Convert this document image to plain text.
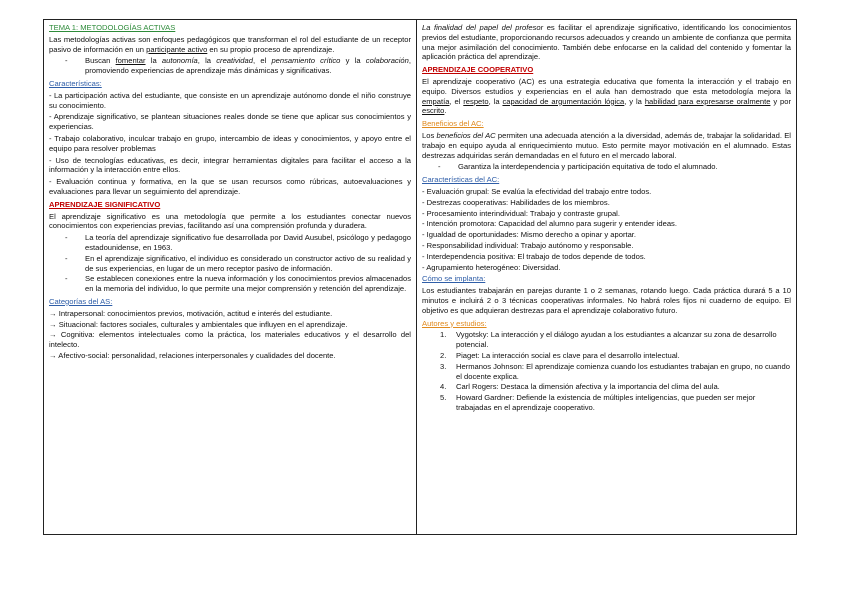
TEMA 1: METODOLOGÍAS ACTIVAS

Las metodologías activas son enfoques pedagógicos que transforman el rol del estudiante de un receptor pasivo de información en un participante activo en su propio proceso de aprendizaje.

- Buscan fomentar la autonomía, la creatividad, el pensamiento crítico y la colaboración, promoviendo experiencias de aprendizaje más dinámicas y significativas.

Características:

- La participación activa del estudiante, que consiste en un aprendizaje autónomo donde el niño construye su conocimiento.

- Aprendizaje significativo, se plantean situaciones reales donde se tiene que aplicar sus conocimientos y experiencias.

- Trabajo colaborativo, inculcar trabajo en grupo, intercambio de ideas y conocimientos, y apoyo entre el equipo para resolver problemas

- Uso de tecnologías educativas, es decir, integrar herramientas digitales para facilitar el acceso a la información y la interacción entre ellos.

- Evaluación continua y formativa, en la que se usan recursos como rúbricas, autoevaluaciones y evaluaciones para llevar un seguimiento del aprendizaje.

APRENDIZAJE SIGNIFICATIVO

El aprendizaje significativo es una metodología que permite a los estudiantes conectar nuevos conocimientos con experiencias previas, facilitando así una comprensión profunda y duradera.

- La teoría del aprendizaje significativo fue desarrollada por David Ausubel, psicólogo y pedagogo estadounidense, en 1963.
- En el aprendizaje significativo, el individuo es considerado un constructor activo de su realidad y de sus experiencias, en lugar de un mero receptor pasivo de información.
- Se establecen conexiones entre la nueva información y los conocimientos previos almacenados en la memoria del individuo, lo que permite una mejor comprensión y retención del aprendizaje.

Categorías del AS:

→ Intrapersonal: conocimientos previos, motivación, actitud e interés del estudiante.
→ Situacional: factores sociales, culturales y ambientales que influyen en el aprendizaje.
→ Cognitiva: elementos intelectuales como la práctica, los materiales educativos y el desarrollo del intelecto.
→ Afectivo-social: personalidad, relaciones interpersonales y cualidades del docente.

La finalidad del papel del profesor es facilitar el aprendizaje significativo, identificando los conocimientos previos del estudiante, proporcionando recursos adecuados y creando un ambiente de confianza que permita una mejor asimilación del conocimiento. También debe enfocarse en la calidad del contenido y fomentar la aplicación práctica del aprendizaje.

APRENDIZAJE COOPERATIVO

El aprendizaje cooperativo (AC) es una estrategia educativa que fomenta la interacción y el trabajo en equipo. Diversos estudios y experiencias en el aula han demostrado que esta metodología mejora la empatía, el respeto, la capacidad de argumentación lógica, y la habilidad para expresarse oralmente y por escrito.

Beneficios del AC:

Los beneficios del AC permiten una adecuada atención a la diversidad, además de, trabajar la solidaridad. El trabajo en equipo ayuda al enriquecimiento mutuo. Esto permite mayor motivación en el alumnado. Estas destrezas adquiridas serán demandadas en el futuro en el mercado laboral.

- Garantiza la interdependencia y participación equitativa de todo el alumnado.

Características del AC:

- Evaluación grupal: Se evalúa la efectividad del trabajo entre todos.

- Destrezas cooperativas: Habilidades de los miembros.

- Procesamiento interindividual: Trabajo y contraste grupal.

- Intención promotora: Capacidad del alumno para sugerir y entender ideas.

- Igualdad de oportunidades: Mismo derecho a opinar y aportar.

- Responsabilidad individual: Trabajo autónomo y responsable.

- Interdependencia positiva: El trabajo de todos depende de todos.

- Agrupamiento heterogéneo: Diversidad.

Cómo se implanta:

Los estudiantes trabajarán en parejas durante 1 o 2 semanas, rotando luego. Cada práctica durará 5 a 10 minutos e incluirá 2 o 3 técnicas cooperativas informales. No habrá roles fijos ni cuaderno de equipo. El objetivo es que adquieran destrezas para el aprendizaje colaborativo futuro.

Autores y estudios:

1. Vygotsky: La interacción y el diálogo ayudan a los estudiantes a alcanzar su zona de desarrollo potencial.
2. Piaget: La interacción social es clave para el desarrollo intelectual.
3. Hermanos Johnson: El aprendizaje comienza cuando los estudiantes trabajan en grupo, no cuando el docente explica.
4. Carl Rogers: Destaca la dimensión afectiva y la importancia del clima del aula.
5. Howard Gardner: Defiende la existencia de múltiples inteligencias, que pueden ser mejor trabajadas en el aprendizaje cooperativo.
